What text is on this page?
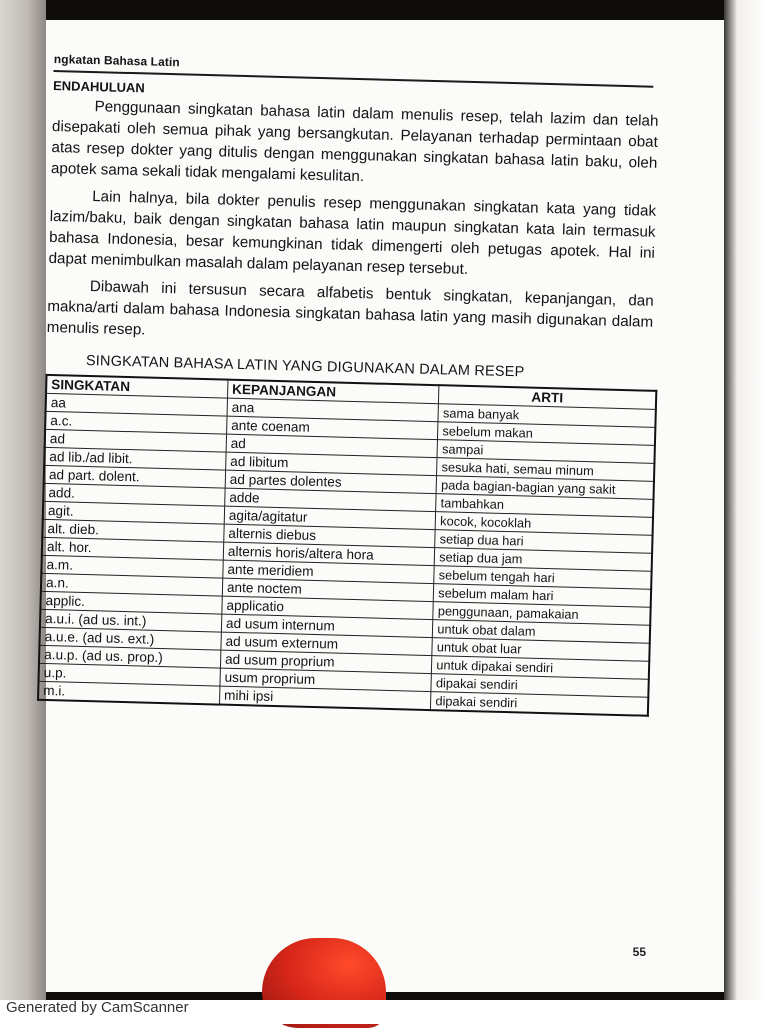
ngkatan Bahasa Latin
ENDAHULUAN

Penggunaan singkatan bahasa latin dalam menulis resep, telah lazim dan telah disepakati oleh semua pihak yang bersangkutan. Pelayanan terhadap permintaan obat atas resep dokter yang ditulis dengan menggunakan singkatan bahasa latin baku, oleh apotek sama sekali tidak mengalami kesulitan.

Lain halnya, bila dokter penulis resep menggunakan singkatan kata yang tidak lazim/baku, baik dengan singkatan bahasa latin maupun singkatan kata lain termasuk bahasa Indonesia, besar kemungkinan tidak dimengerti oleh petugas apotek. Hal ini dapat menimbulkan masalah dalam pelayanan resep tersebut.

Dibawah ini tersusun secara alfabetis bentuk singkatan, kepanjangan, dan makna/arti dalam bahasa Indonesia singkatan bahasa latin yang masih digunakan dalam menulis resep.

SINGKATAN BAHASA LATIN YANG DIGUNAKAN DALAM RESEP
SINGKATAN	KEPANJANGAN	ARTI
aa	ana	sama banyak
a.c.	ante coenam	sebelum makan
ad	ad	sampai
ad lib./ad libit.	ad libitum	sesuka hati, semau minum
ad part. dolent.	ad partes dolentes	pada bagian-bagian yang sakit
add.	adde	tambahkan
agit.	agita/agitatur	kocok, kocoklah
alt. dieb.	alternis diebus	setiap dua hari
alt. hor.	alternis horis/altera hora	setiap dua jam
a.m.	ante meridiem	sebelum tengah hari
a.n.	ante noctem	sebelum malam hari
applic.	applicatio	penggunaan, pamakaian
a.u.i. (ad us. int.)	ad usum internum	untuk obat dalam
a.u.e. (ad us. ext.)	ad usum externum	untuk obat luar
a.u.p. (ad us. prop.)	ad usum proprium	untuk dipakai sendiri
u.p.	usum proprium	dipakai sendiri
m.i.	mihi ipsi	dipakai sendiri
55
Generated by CamScanner
